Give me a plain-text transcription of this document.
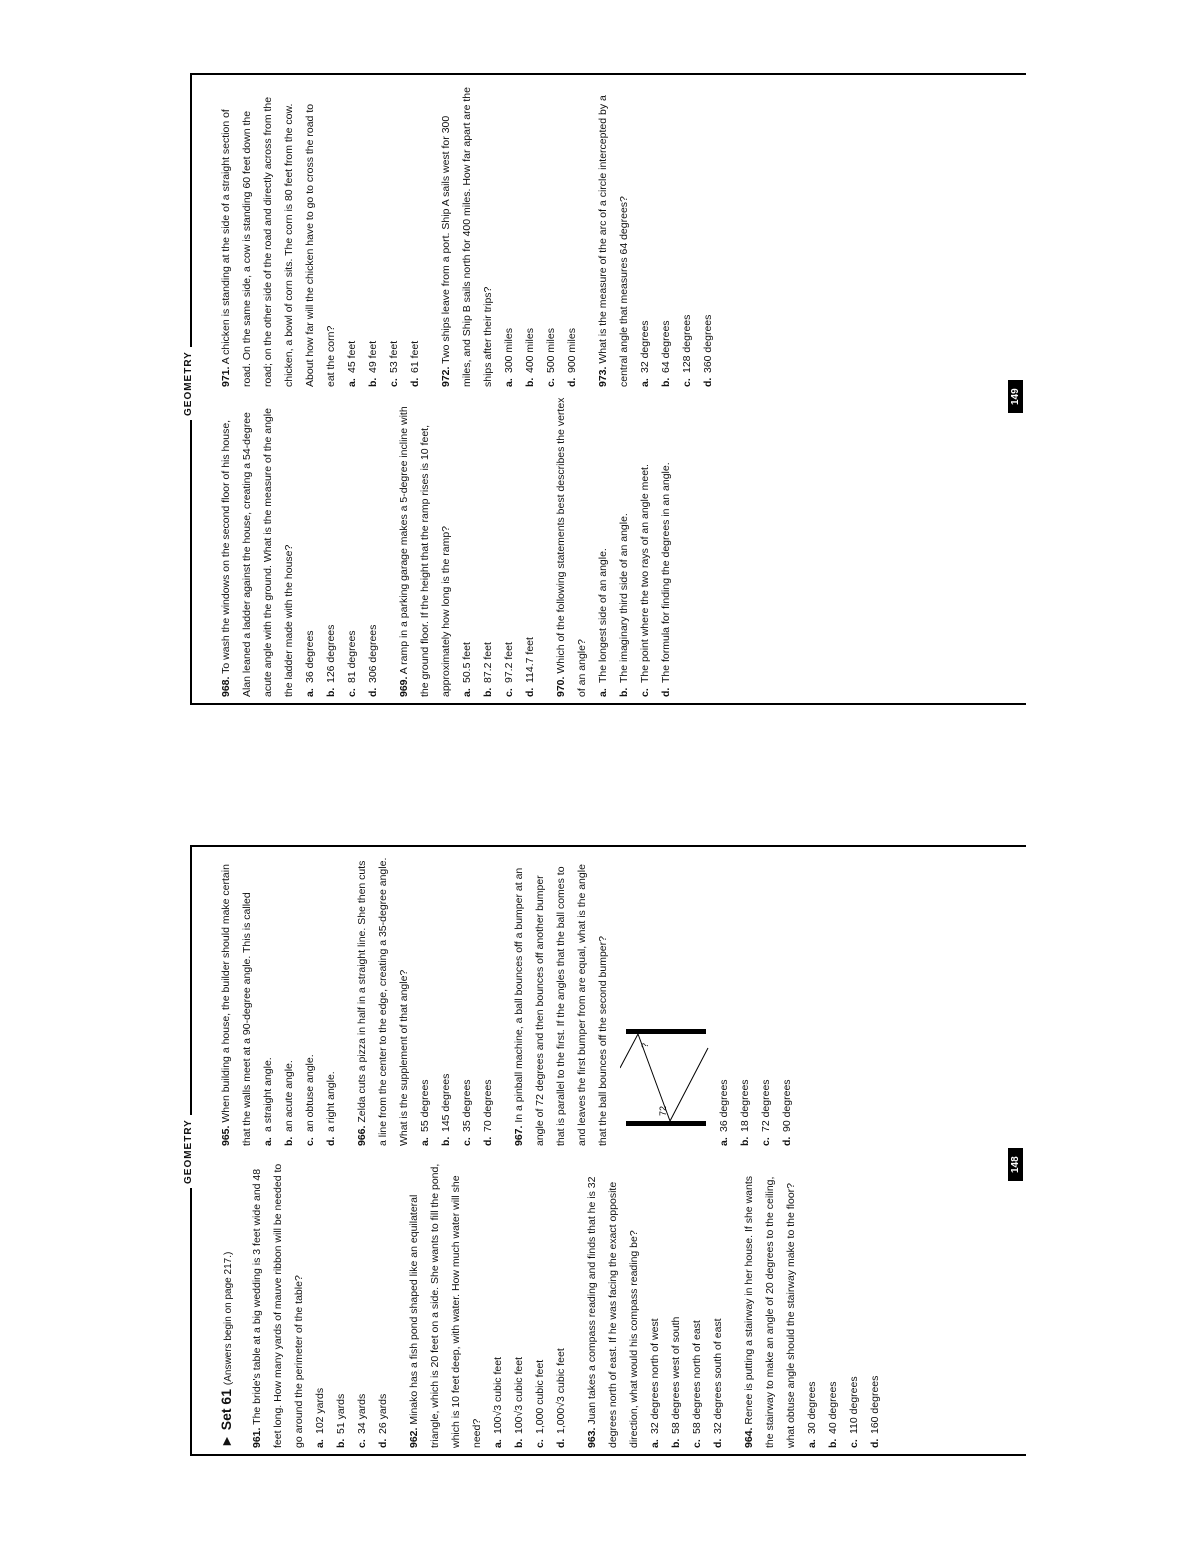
GEOMETRY
► Set 61 (Answers begin on page 217.)
961. The bride's table at a big wedding is 3 feet wide and 48 feet long. How many yards of mauve ribbon will be needed to go around the perimeter of the table? a.102 yards
b.51 yards
c.34 yards
d.26 yards
962. Minako has a fish pond shaped like an equilateral triangle, which is 20 feet on a side. She wants to fill the pond, which is 10 feet deep, with water. How much water will she need? a.100√3 cubic feet
b.100√3 cubic feet
c.1,000 cubic feet
d.1,000√3 cubic feet
963. Juan takes a compass reading and finds that he is 32 degrees north of east. If he was facing the exact opposite direction, what would his compass reading be? a.32 degrees north of west
b.58 degrees west of south
c.58 degrees north of east
d.32 degrees south of east
964. Renee is putting a stairway in her house. If she wants the stairway to make an angle of 20 degrees to the ceiling, what obtuse angle should the stairway make to the floor? a.30 degrees
b.40 degrees
c.110 degrees
d.160 degrees
965. When building a house, the builder should make certain that the walls meet at a 90-degree angle. This is called a.a straight angle.
b.an acute angle.
c.an obtuse angle.
d.a right angle.
966. Zelda cuts a pizza in half in a straight line. She then cuts a line from the center to the edge, creating a 35-degree angle. What is the supplement of that angle? a.55 degrees
b.145 degrees
c.35 degrees
d.70 degrees
967. In a pinball machine, a ball bounces off a bumper at an angle of 72 degrees and then bounces off another bumper that is parallel to the first. If the angles that the ball comes to and leaves the first bumper from are equal, what is the angle that the ball bounces off the second bumper?	72
?
a.36 degrees
b.18 degrees
c.72 degrees
d.90 degrees
148
GEOMETRY
968. To wash the windows on the second floor of his house, Alan leaned a ladder against the house, creating a 54-degree acute angle with the ground. What is the measure of the angle the ladder made with the house? a.36 degrees
b.126 degrees
c.81 degrees
d.306 degrees
969. A ramp in a parking garage makes a 5-degree incline with the ground floor. If the height that the ramp rises is 10 feet, approximately how long is the ramp? a.50.5 feet
b.87.2 feet
c.97.2 feet
d.114.7 feet
970. Which of the following statements best describes the vertex of an angle? a.The longest side of an angle.
b.The imaginary third side of an angle.
c.The point where the two rays of an angle meet.
d.The formula for finding the degrees in an angle.
971. A chicken is standing at the side of a straight section of road. On the same side, a cow is standing 60 feet down the road; on the other side of the road and directly across from the chicken, a bowl of corn sits. The corn is 80 feet from the cow. About how far will the chicken have to go to cross the road to eat the corn? a.45 feet
b.49 feet
c.53 feet
d.61 feet
972. Two ships leave from a port. Ship A sails west for 300 miles, and Ship B sails north for 400 miles. How far apart are the ships after their trips? a.300 miles
b.400 miles
c.500 miles
d.900 miles
973. What is the measure of the arc of a circle intercepted by a central angle that measures 64 degrees? a.32 degrees
b.64 degrees
c.128 degrees
d.360 degrees
149
